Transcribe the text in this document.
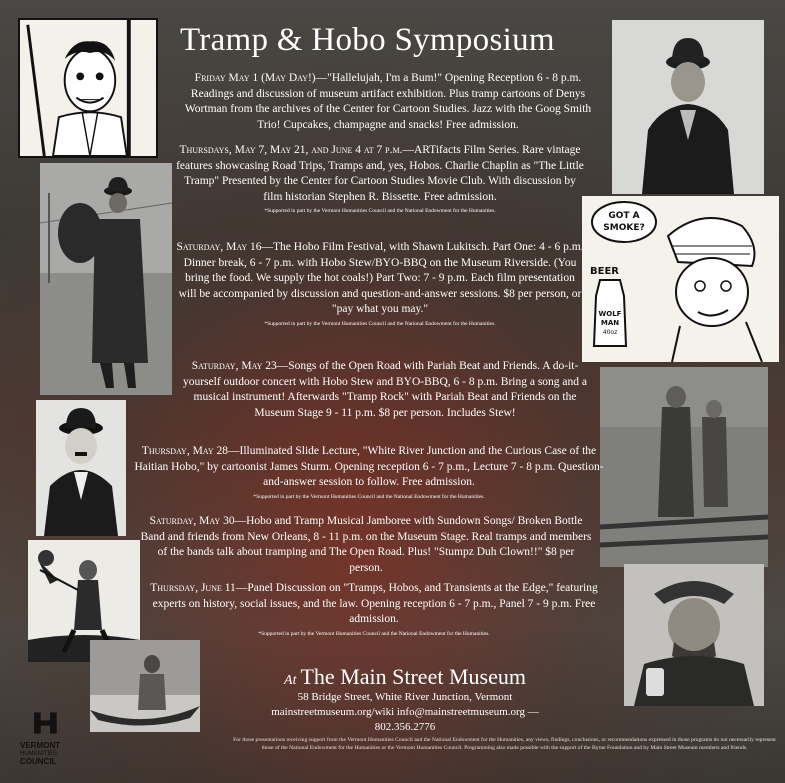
Tramp & Hobo Symposium
GOT A
SMOKE?
BEER
WOLF
MAN
40oz
Friday May 1 (May Day!)—"Hallelujah, I'm a Bum!" Opening Reception 6 - 8 p.m. Readings and discussion of museum artifact exhibition. Plus tramp cartoons of Denys Wortman from the archives of the Center for Cartoon Studies. Jazz with the Goog Smith Trio! Cupcakes, champagne and snacks! Free admission.
Thursdays, May 7, May 21, and June 4 at 7 p.m.—ARTifacts Film Series. Rare vintage features showcasing Road Trips, Tramps and, yes, Hobos. Charlie Chaplin as "The Little Tramp" Presented by the Center for Cartoon Studies Movie Club. With discussion by film historian Stephen R. Bissette. Free admission.
*Supported in part by the Vermont Humanities Council and the National Endowment for the Humanities.
Saturday, May 16—The Hobo Film Festival, with Shawn Lukitsch. Part One: 4 - 6 p.m. Dinner break, 6 - 7 p.m. with Hobo Stew/BYO-BBQ on the Museum Riverside. (You bring the food. We supply the hot coals!) Part Two: 7 - 9 p.m. Each film presentation will be accompanied by discussion and question-and-answer sessions. $8 per person, or "pay what you may."
*Supported in part by the Vermont Humanities Council and the National Endowment for the Humanities.
Saturday, May 23—Songs of the Open Road with Pariah Beat and Friends. A do-it-yourself outdoor concert with Hobo Stew and BYO-BBQ, 6 - 8 p.m. Bring a song and a musical instrument! Afterwards "Tramp Rock" with Pariah Beat and Friends on the Museum Stage 9 - 11 p.m. $8 per person. Includes Stew!
Thursday, May 28—Illuminated Slide Lecture, "White River Junction and the Curious Case of the Haitian Hobo," by cartoonist James Sturm. Opening reception 6 - 7 p.m., Lecture 7 - 8 p.m. Question-and-answer session to follow. Free admission.
*Supported in part by the Vermont Humanities Council and the National Endowment for the Humanities.
Saturday, May 30—Hobo and Tramp Musical Jamboree with Sundown Songs/ Broken Bottle Band and friends from New Orleans, 8 - 11 p.m. on the Museum Stage. Real tramps and members of the bands talk about tramping and The Open Road. Plus! "Stumpz Duh Clown!!" $8 per person.
Thursday, June 11—Panel Discussion on "Tramps, Hobos, and Transients at the Edge," featuring experts on history, social issues, and the law. Opening reception 6 - 7 p.m., Panel 7 - 9 p.m. Free admission.
*Supported in part by the Vermont Humanities Council and the National Endowment for the Humanities.
At The Main Street Museum
58 Bridge Street, White River Junction, Vermont
mainstreetmuseum.org/wiki info@mainstreetmuseum.org — 802.356.2776
For those presentations receiving support from the Vermont Humanities Council and the National Endowment for the Humanities, any views, findings, conclusions, or recommendations expressed in those programs do not necessarily represent those of the National Endowment for the Humanities or the Vermont Humanities Council. Programming also made possible with the support of the Byrne Foundation and by Main Street Museum members and friends.
VERMONT
HUMANITIES
COUNCIL
